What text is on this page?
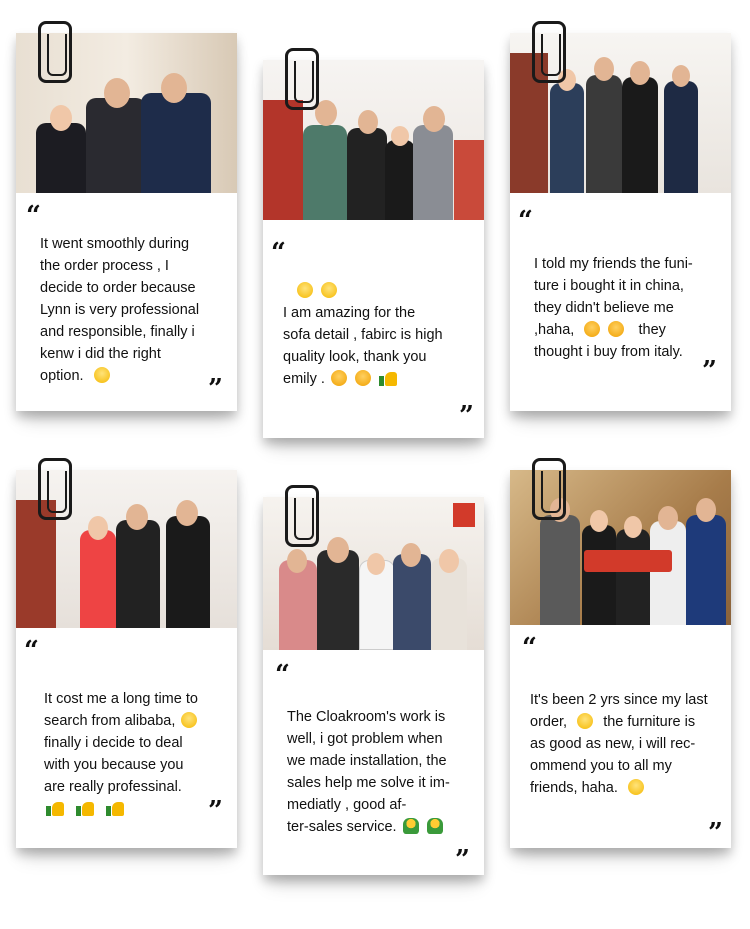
“

It went smoothly during
the order process , I
decide to order because
Lynn is very professional
and responsible, finally i
kenw i did the right
option.	”
“

I am amazing for the
sofa detail , fabirc is high
quality look, thank you
emily .

”
“

I told my friends the funi-
ture i bought it in china,
they didn't believe me
,haha,	they
thought i buy from italy.

”
“

It cost me a long time to
search from alibaba,
finally i decide to deal
with you because you
are really professinal.

”
“

The Cloakroom's work is
well, i got problem when
we made installation, the
sales help me solve it im-
mediatly , good af-
ter-sales service.

”
“

It's been 2 yrs since my last
order, the furniture is
as good as new, i will rec-
ommend you to all my
friends, haha.

”
